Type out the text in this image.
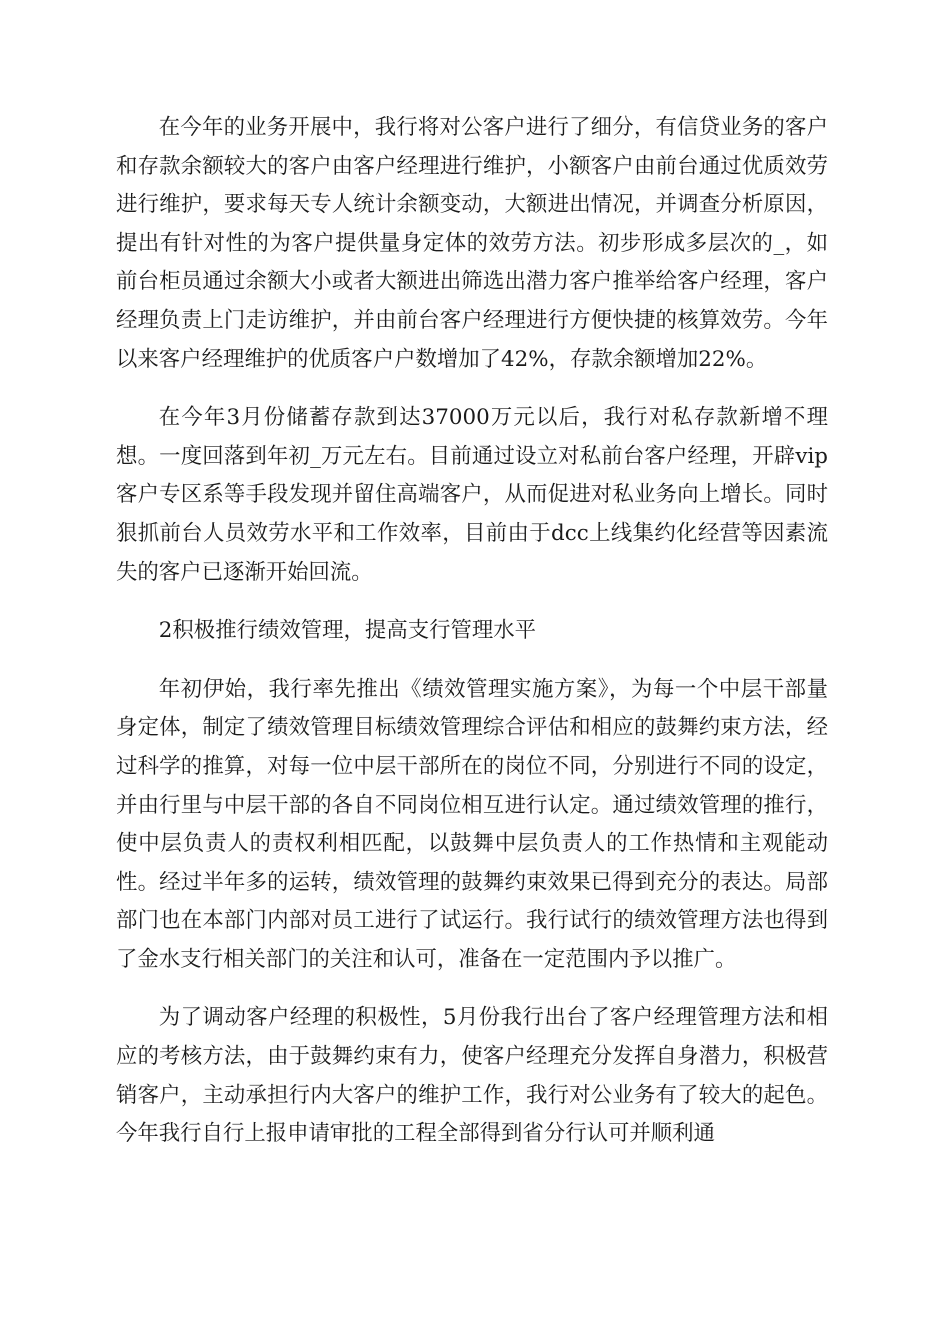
在今年的业务开展中，我行将对公客户进行了细分，有信贷业务的客户和存款余额较大的客户由客户经理进行维护，小额客户由前台通过优质效劳进行维护，要求每天专人统计余额变动，大额进出情况，并调查分析原因，提出有针对性的为客户提供量身定体的效劳方法。初步形成多层次的_，如前台柜员通过余额大小或者大额进出筛选出潜力客户推举给客户经理，客户经理负责上门走访维护，并由前台客户经理进行方便快捷的核算效劳。今年以来客户经理维护的优质客户户数增加了42%，存款余额增加22%。

在今年3月份储蓄存款到达37000万元以后，我行对私存款新增不理想。一度回落到年初_万元左右。目前通过设立对私前台客户经理，开辟vip客户专区系等手段发现并留住高端客户，从而促进对私业务向上增长。同时狠抓前台人员效劳水平和工作效率，目前由于dcc上线集约化经营等因素流失的客户已逐渐开始回流。

2积极推行绩效管理，提高支行管理水平

年初伊始，我行率先推出《绩效管理实施方案》，为每一个中层干部量身定体，制定了绩效管理目标绩效管理综合评估和相应的鼓舞约束方法，经过科学的推算，对每一位中层干部所在的岗位不同，分别进行不同的设定，并由行里与中层干部的各自不同岗位相互进行认定。通过绩效管理的推行，使中层负责人的责权利相匹配，以鼓舞中层负责人的工作热情和主观能动性。经过半年多的运转，绩效管理的鼓舞约束效果已得到充分的表达。局部部门也在本部门内部对员工进行了试运行。我行试行的绩效管理方法也得到了金水支行相关部门的关注和认可，准备在一定范围内予以推广。

为了调动客户经理的积极性，5月份我行出台了客户经理管理方法和相应的考核方法，由于鼓舞约束有力，使客户经理充分发挥自身潜力，积极营销客户，主动承担行内大客户的维护工作，我行对公业务有了较大的起色。今年我行自行上报申请审批的工程全部得到省分行认可并顺利通
